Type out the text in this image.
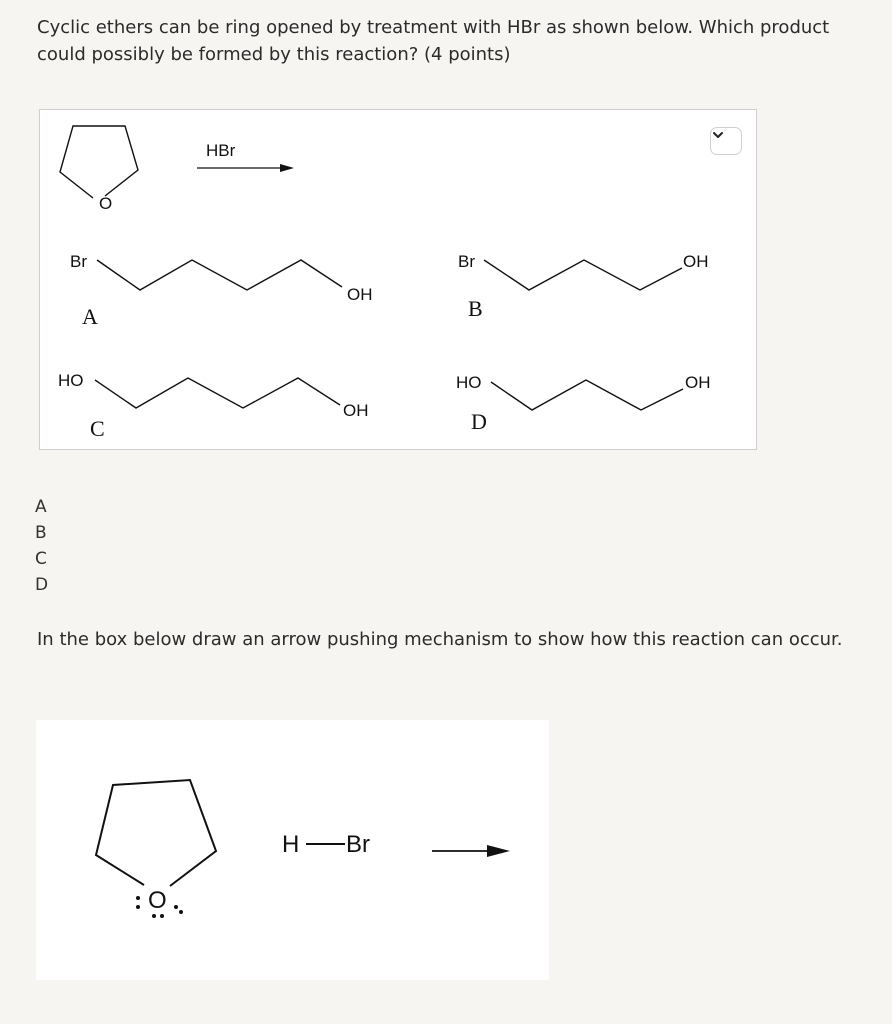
Cyclic ethers can be ring opened by treatment with HBr as shown below. Which product could possibly be formed by this reaction? (4 points)

O
HBr
Br
OH
A
Br	OH
B
HO
OH
C
HO	OH
D
A
B
C
D

In the box below draw an arrow pushing mechanism to show how this reaction can occur.

O
H Br
